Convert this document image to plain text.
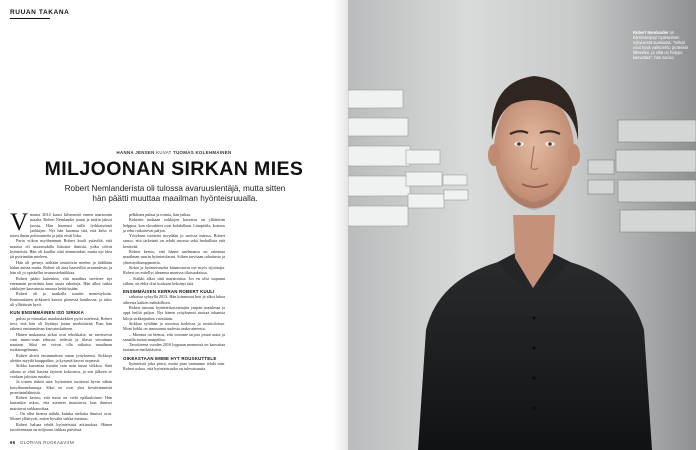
RUUAN TAKANA
HANNA JENSEN KUVAT TUOMAS KOLEHMAINEN
MILJOONAN SIRKAN MIES

Robert Nemlanderista oli tulossa avaruuslentäjä, mutta sitten hän päätti muuttaa maailman hyönteisruualla.

Vuonna 2014 kuusi kilometriä ennen maratonin maalia, Robert Nemlander joutui ja tuskin jaksoi juosta. Hän huomasi taille fyrkkatyönsä jaokkijen. Nyt hän huomaa sitä, että keho ei toimi ilman polttoainetta ja jalat eivät liiku.

Parin viikon myöhemmin Robert kuuli ystäviltä, että maassa oli maaseudulla lukuisia ihmisiä, jotka söivät hyönteisiä. Hän oli kuullut siitä aiemminkin, mutta nyt idea jäi pyörimään mieleen.

Hän oli perinyt isältään insinöörin mielen ja äidiltään halun auttaa muita. Robert oli aina haaveillut avaruudesta, ja hän oli jo opiskellut avaruustekniikkaa.

Robert päätti kuitenkin, että maailma tarvitsee nyt enemmän proteiinia kuin uusia raketteja. Hän alkoi tutkia sirkkojen kasvatusta omassa keittiössään.

Robert oli jo matkalla suuriin menestyksiin. Ensimmäinen sirkkaerä kasvoi pienessä laatikossa, ja tulos oli yllättävän hyvä.

KUN ENSIMMÄINEN ISO SIRKKA

pulssi ja voimakas maalaiskekkeri pyöri mielessä, Robert tiesi, että hän oli löytänyt jotain merkittävää. Pian hän rakensi ensimmäisen kasvatuslaitteen.

Hänen mukaansa sirkat ovat tehokkaita: ne tarvitsevat vain murto-osan rehusta, vedestä ja tilasta verrattuna nautaan. Siksi ne voivat olla ratkaisu maailman ruokaongelmaan.

Robert aloitti ensimmäisen oman yrityksensä. Sirkkoja alettiin myydä kauppoihin, ja kysyntä kasvoi nopeasti.

Sirkka kasvattaa itseään vain noin kuusi viikkoa. Sinä aikana se ehtii kasvaa täyteen kokoonsa, ja sen jälkeen se voidaan jalostaa ruuaksi.

Ja toinen tärkeä asia: hyönteiset tuottavat hyvin vähän kasvihuonekaasuja. Siksi ne ovat yksi kestävimmistä proteiininlähteistä.

Robert kertoo, että moni on vielä epäluuloinen. Hän kuitenkin uskoo, että asenteet muuttuvat, kun ihmiset maistavat sirkkaruokaa.

– On ollut hienoa nähdä, kuinka uteliaita ihmiset ovat. Monet yllättyvät, miten hyvältä sirkka maistuu.

Robert haluaa tehdä hyönteisistä arkiruokaa. Hänen tavoitteenaan on miljoona sirkkaa päivässä.

pelkkona puhua ja toimia, hän jatkaa.

Robertin mukaan sirkkojen kasvatus on yllättävän helppoa, kun olosuhteet ovat kohdallaan. Lämpötila, kosteus ja rehu ratkaisevat paljon.

Yrityksen tuotteita myydään jo useissa maissa. Robert sanoo, että tärkeintä on tehdä ruoasta sekä herkullista että kestävää.

Robert kertoo, että hänen unelmansa on rakentaa maailman suurin hyönteisfarmi. Siihen tarvitaan rahoitusta ja yhteistyökumppaneita.

Sirkat ja hyönteisruoka kiinnostavat nyt myös sijoittajia. Robert on esitellyt ideaansa monissa tilaisuuksissa.

– Kaikki alkoi siitä maratonista. Jos en olisi uupunut silloin, en ehkä olisi koskaan keksinyt tätä.

ENSIMMÄISEN KERRAN ROBERT KUULI

sirkoista syksyllä 2013. Hän kiinnostui heti ja alkoi lukea aiheesta kaiken mahdollisen.

Robert tutustui hyönteiskasvattajiin ympäri maailmaa ja oppi heiltä paljon. Nyt hänen yrityksensä tuottaa tuhansia kiloja sirkkajauhoa vuosittain.

Sirkkaa syödään jo monissa kodeissa ja ravintoloissa. Moni kokki on innostunut uudesta raaka-aineesta.

– Minusta on hienoa, että voimme tarjota jotain uutta ja samalla auttaa maapalloa.

Tavoitteena vuoden 2016 loppuun mennessä on kasvattaa tuotantoa merkittävästi.

OIKEASTAAN EMME HYT ROUSKUTTELE

hyönteisiä joka päivä, mutta pian saatamme tehdä niin. Robert uskoo, että hyönteisruoka on tulevaisuutta.

66 GLORIAN RUOKA&VIINI
Robert Nemlander on hämmästynyt hyönteisten nykyisestä suosiosta. "Sirkat ovat hyvä vaihtoehto proteiinin lähteeksi, ja niitä on helppo kasvattaa", hän sanoo.
